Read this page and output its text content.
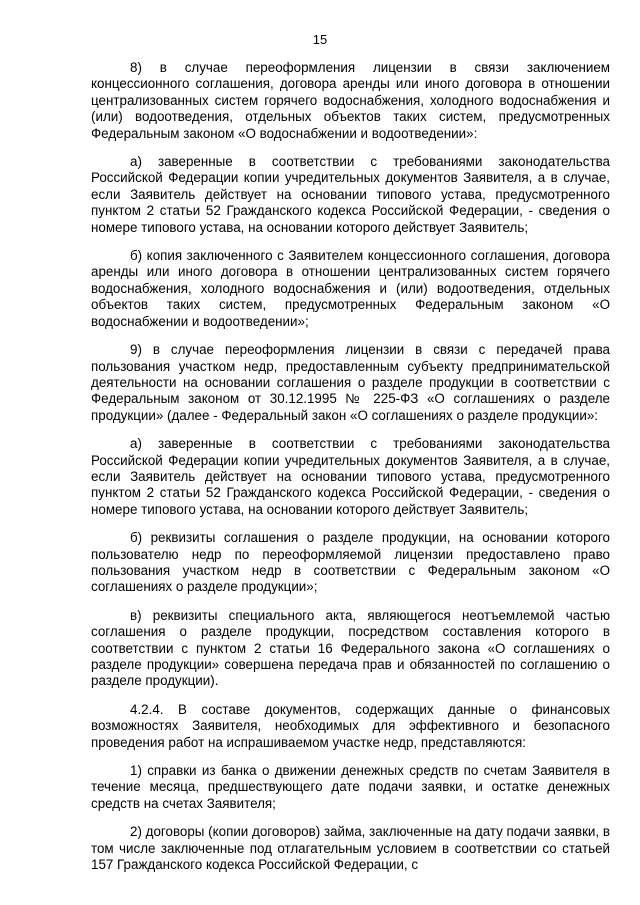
15

8) в случае переоформления лицензии в связи заключением концессионного соглашения, договора аренды или иного договора в отношении централизованных систем горячего водоснабжения, холодного водоснабжения и (или) водоотведения, отдельных объектов таких систем, предусмотренных Федеральным законом «О водоснабжении и водоотведении»:

а) заверенные в соответствии с требованиями законодательства Российской Федерации копии учредительных документов Заявителя, а в случае, если Заявитель действует на основании типового устава, предусмотренного пунктом 2 статьи 52 Гражданского кодекса Российской Федерации, - сведения о номере типового устава, на основании которого действует Заявитель;

б) копия заключенного с Заявителем концессионного соглашения, договора аренды или иного договора в отношении централизованных систем горячего водоснабжения, холодного водоснабжения и (или) водоотведения, отдельных объектов таких систем, предусмотренных Федеральным законом «О водоснабжении и водоотведении»;

9) в случае переоформления лицензии в связи с передачей права пользования участком недр, предоставленным субъекту предпринимательской деятельности на основании соглашения о разделе продукции в соответствии с Федеральным законом от 30.12.1995 № 225-ФЗ «О соглашениях о разделе продукции» (далее - Федеральный закон «О соглашениях о разделе продукции»:

а) заверенные в соответствии с требованиями законодательства Российской Федерации копии учредительных документов Заявителя, а в случае, если Заявитель действует на основании типового устава, предусмотренного пунктом 2 статьи 52 Гражданского кодекса Российской Федерации, - сведения о номере типового устава, на основании которого действует Заявитель;

б) реквизиты соглашения о разделе продукции, на основании которого пользователю недр по переоформляемой лицензии предоставлено право пользования участком недр в соответствии с Федеральным законом «О соглашениях о разделе продукции»;

в) реквизиты специального акта, являющегося неотъемлемой частью соглашения о разделе продукции, посредством составления которого в соответствии с пунктом 2 статьи 16 Федерального закона «О соглашениях о разделе продукции» совершена передача прав и обязанностей по соглашению о разделе продукции).

4.2.4. В составе документов, содержащих данные о финансовых возможностях Заявителя, необходимых для эффективного и безопасного проведения работ на испрашиваемом участке недр, представляются:

1) справки из банка о движении денежных средств по счетам Заявителя в течение месяца, предшествующего дате подачи заявки, и остатке денежных средств на счетах Заявителя;

2) договоры (копии договоров) займа, заключенные на дату подачи заявки, в том числе заключенные под отлагательным условием в соответствии со статьей 157 Гражданского кодекса Российской Федерации, с
